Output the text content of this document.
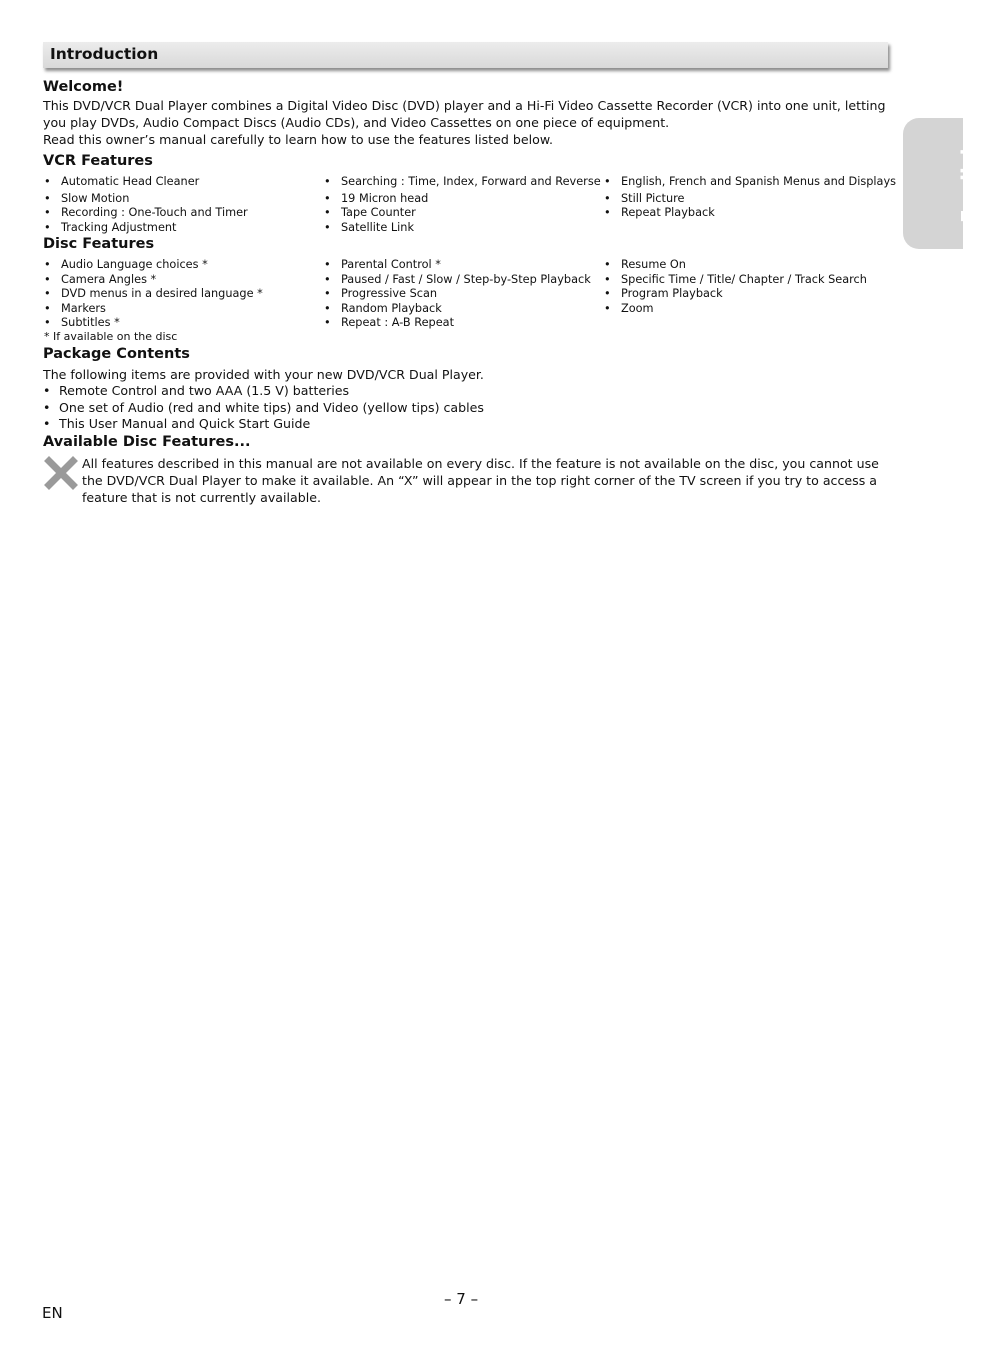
Introduction
English
Welcome!
This DVD/VCR Dual Player combines a Digital Video Disc (DVD) player and a Hi-Fi Video Cassette Recorder (VCR) into one unit, letting
you play DVDs, Audio Compact Discs (Audio CDs), and Video Cassettes on one piece of equipment.
Read this owner’s manual carefully to learn how to use the features listed below.
VCR Features
• Automatic Head Cleaner
• Slow Motion
• Recording : One-Touch and Timer
• Tracking Adjustment
• Searching : Time, Index, Forward and Reverse
• 19 Micron head
• Tape Counter
• Satellite Link
• English, French and Spanish Menus and Displays
• Still Picture
• Repeat Playback
Disc Features
• Audio Language choices *
• Camera Angles *
• DVD menus in a desired language *
• Markers
• Subtitles *
• Parental Control *
• Paused / Fast / Slow / Step-by-Step Playback
• Progressive Scan
• Random Playback
• Repeat : A-B Repeat
• Resume On
• Specific Time / Title/ Chapter / Track Search
• Program Playback
• Zoom
* If available on the disc
Package Contents
The following items are provided with your new DVD/VCR Dual Player.
• Remote Control and two AAA (1.5 V) batteries
• One set of Audio (red and white tips) and Video (yellow tips) cables
• This User Manual and Quick Start Guide
Available Disc Features...
All features described in this manual are not available on every disc. If the feature is not available on the disc, you cannot use the DVD/VCR Dual Player to make it available. An “X” will appear in the top right corner of the TV screen if you try to access a feature that is not currently available.
– 7 –
EN
